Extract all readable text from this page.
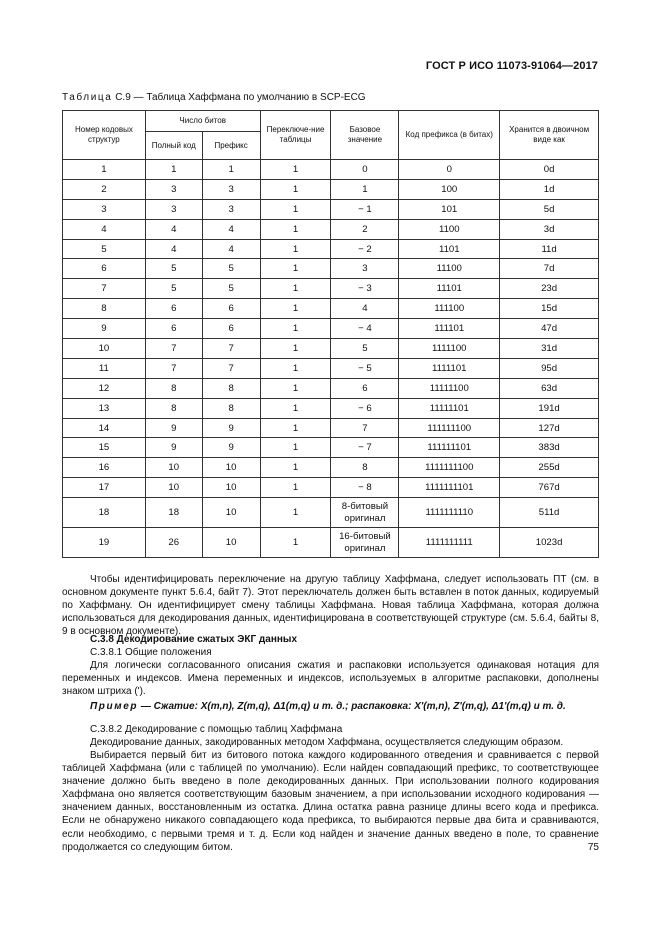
ГОСТ Р ИСО 11073-91064—2017
Таблица С.9 — Таблица Хаффмана по умолчанию в SCP-ECG
Номер кодовых структур	Число битов		Переключе-ние таблицы	Базовое значение	Код префикса (в битах)	Хранится в двоичном виде как
	Полный код	Префикс				
1	1	1	1	0	0	0d
2	3	3	1	1	100	1d
3	3	3	1	− 1	101	5d
4	4	4	1	2	1100	3d
5	4	4	1	− 2	1101	11d
6	5	5	1	3	11100	7d
7	5	5	1	− 3	11101	23d
8	6	6	1	4	111100	15d
9	6	6	1	− 4	111101	47d
10	7	7	1	5	1111100	31d
11	7	7	1	− 5	1111101	95d
12	8	8	1	6	11111100	63d
13	8	8	1	− 6	11111101	191d
14	9	9	1	7	111111100	127d
15	9	9	1	− 7	111111101	383d
16	10	10	1	8	1111111100	255d
17	10	10	1	− 8	1111111101	767d
18	18	10	1	8-битовый оригинал	1111111110	511d
19	26	10	1	16-битовый оригинал	1111111111	1023d
Чтобы идентифицировать переключение на другую таблицу Хаффмана, следует использовать ПТ (см. в основном документе пункт 5.6.4, байт 7). Этот переключатель должен быть вставлен в поток данных, кодируемый по Хаффману. Он идентифицирует смену таблицы Хаффмана. Новая таблица Хаффмана, которая должна использоваться для декодирования данных, идентифицирована в соответствующей структуре (см. 5.6.4, байты 8, 9 в основном документе).
С.3.8 Декодирование сжатых ЭКГ данных
С.3.8.1 Общие положения
Для логически согласованного описания сжатия и распаковки используется одинаковая нотация для переменных и индексов. Имена переменных и индексов, используемых в алгоритме распаковки, дополнены знаком штриха (').
Пример — Сжатие: X(m,n), Z(m,q), Δ1(m,q) и т. д.; распаковка: X'(m,n), Z'(m,q), Δ1'(m,q) и т. д.
С.3.8.2 Декодирование с помощью таблиц Хаффмана
Декодирование данных, закодированных методом Хаффмана, осуществляется следующим образом.
Выбирается первый бит из битового потока каждого кодированного отведения и сравнивается с первой таблицей Хаффмана (или с таблицей по умолчанию). Если найден совпадающий префикс, то соответствующее значение должно быть введено в поле декодированных данных. При использовании полного кодирования Хаффмана оно является соответствующим базовым значением, а при использовании исходного кодирования — значением данных, восстановленным из остатка. Длина остатка равна разнице длины всего кода и префикса. Если не обнаружено никакого совпадающего кода префикса, то выбираются первые два бита и сравниваются, если необходимо, с первыми тремя и т. д. Если код найден и значение данных введено в поле, то сравнение продолжается со следующим битом.	75
